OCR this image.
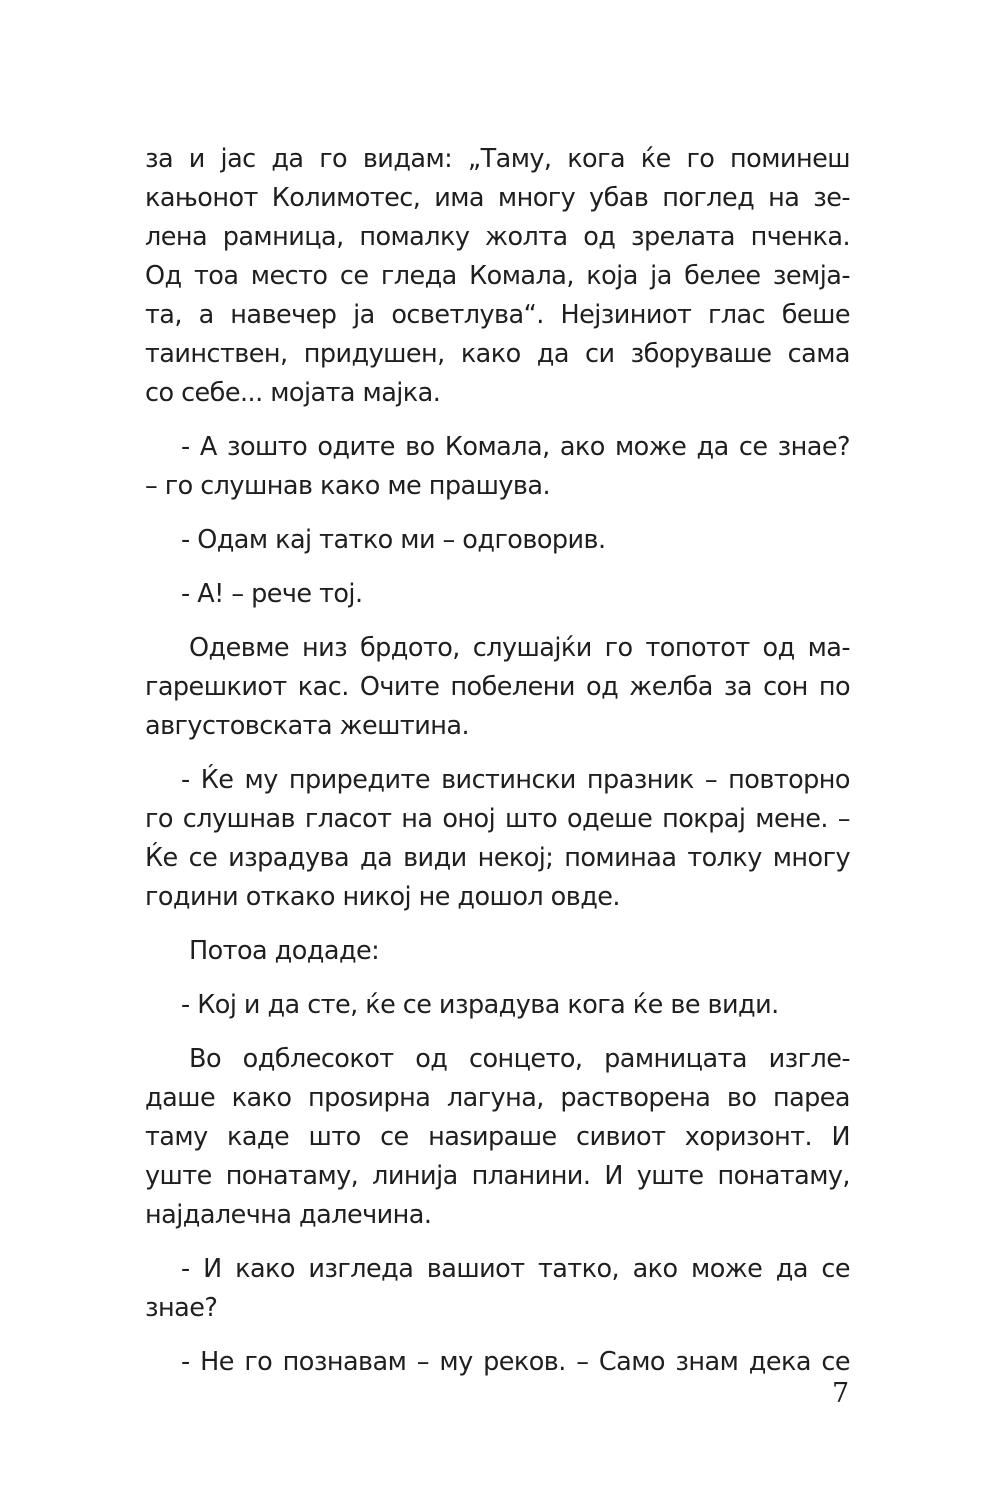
за и јас да го видам: „Таму, кога ќе го поминеш
кањонот Колимотес, има многу убав поглед на зе-
лена рамница, помалку жолта од зрелата пченка.
Од тоа место се гледа Комала, која ја белее земја-
та, а навечер ја осветлува“. Нејзиниот глас беше
таинствен, придушен, како да си зборуваше сама
со себе... мојата мајка.

- А зошто одите во Комала, ако може да се знае?
– го слушнав како ме прашува.

- Одам кај татко ми – одговорив.

- А! – рече тој.

Одевме низ брдото, слушајќи го топотот од ма-
гарешкиот кас. Очите побелени од желба за сон по
августовската жештина.

- Ќе му приредите вистински празник – повторно
го слушнав гласот на оној што одеше покрај мене. –
Ќе се израдува да види некој; поминаа толку многу
години откако никој не дошол овде.

Потоа додаде:

- Кој и да сте, ќе се израдува кога ќе ве види.

Во одблесокот од сонцето, рамницата изгле-
даше како проѕирна лагуна, растворена во пареа
таму каде што се наѕираше сивиот хоризонт. И
уште понатаму, линија планини. И уште понатаму,
најдалечна далечина.

- И како изгледа вашиот татко, ако може да се
знае?

- Не го познавам – му реков. – Само знам дека се

7
